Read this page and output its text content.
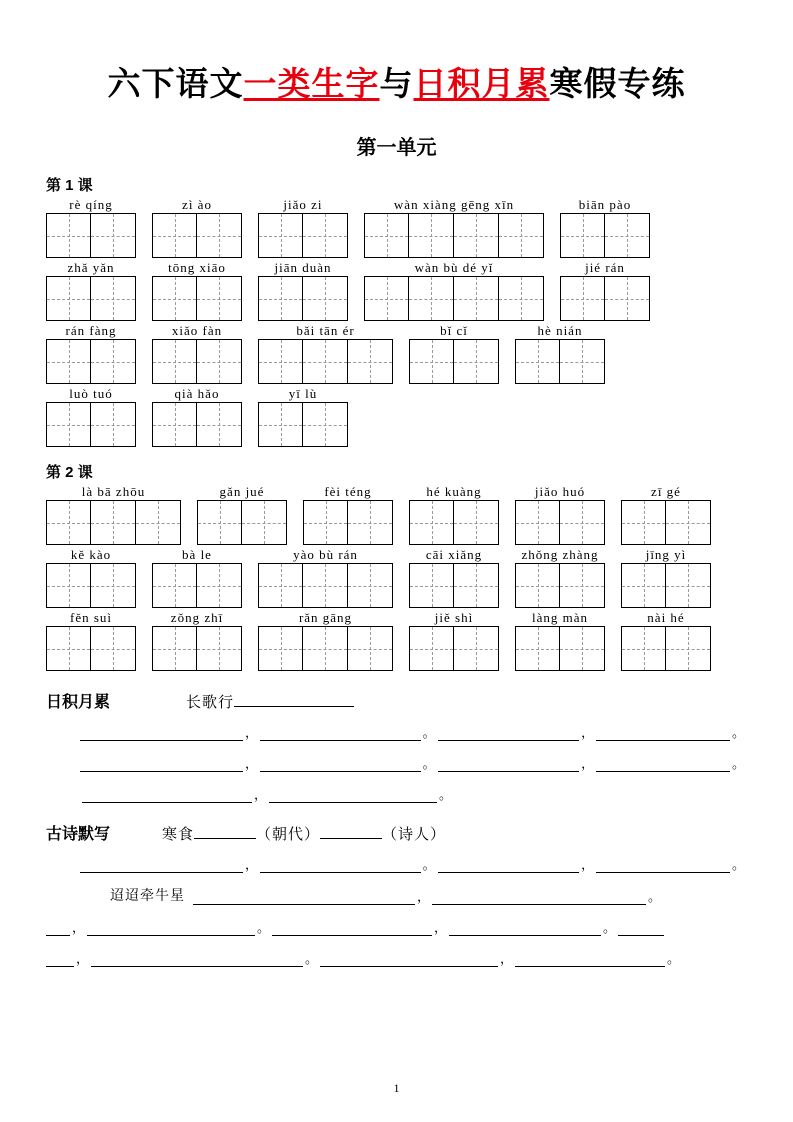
六下语文一类生字与日积月累寒假专练
第一单元
第 1 课
rè qíng	zì ào	jiǎo zi	wàn xiàng gēng xīn	biān pào
zhǎ yǎn	tōng xiāo	jiān duàn	wàn bù dé yǐ	jié rán
rán fàng	xiǎo fàn	bǎi tān ér	bǐ cǐ	hè nián
luò tuó	qià hǎo	yī lù
第 2 课
là bā zhōu	gǎn jué	fèi téng	hé kuàng	jiǎo huó	zī gé
kě kào	bà le	yào bù rán	cāi xiǎng	zhǒng zhàng	jīng yì
fěn suì	zǒng zhī	rǎn gāng	jiě shì	làng màn	nài hé
日积月累	长歌行
，	。	，	。
，	。	，	。
，	。
古诗默写	寒食	（朝代）	（诗人）
，	。	，	。
迢迢牵牛星	，	。
，	。	，	。
，	。	，	。
1
